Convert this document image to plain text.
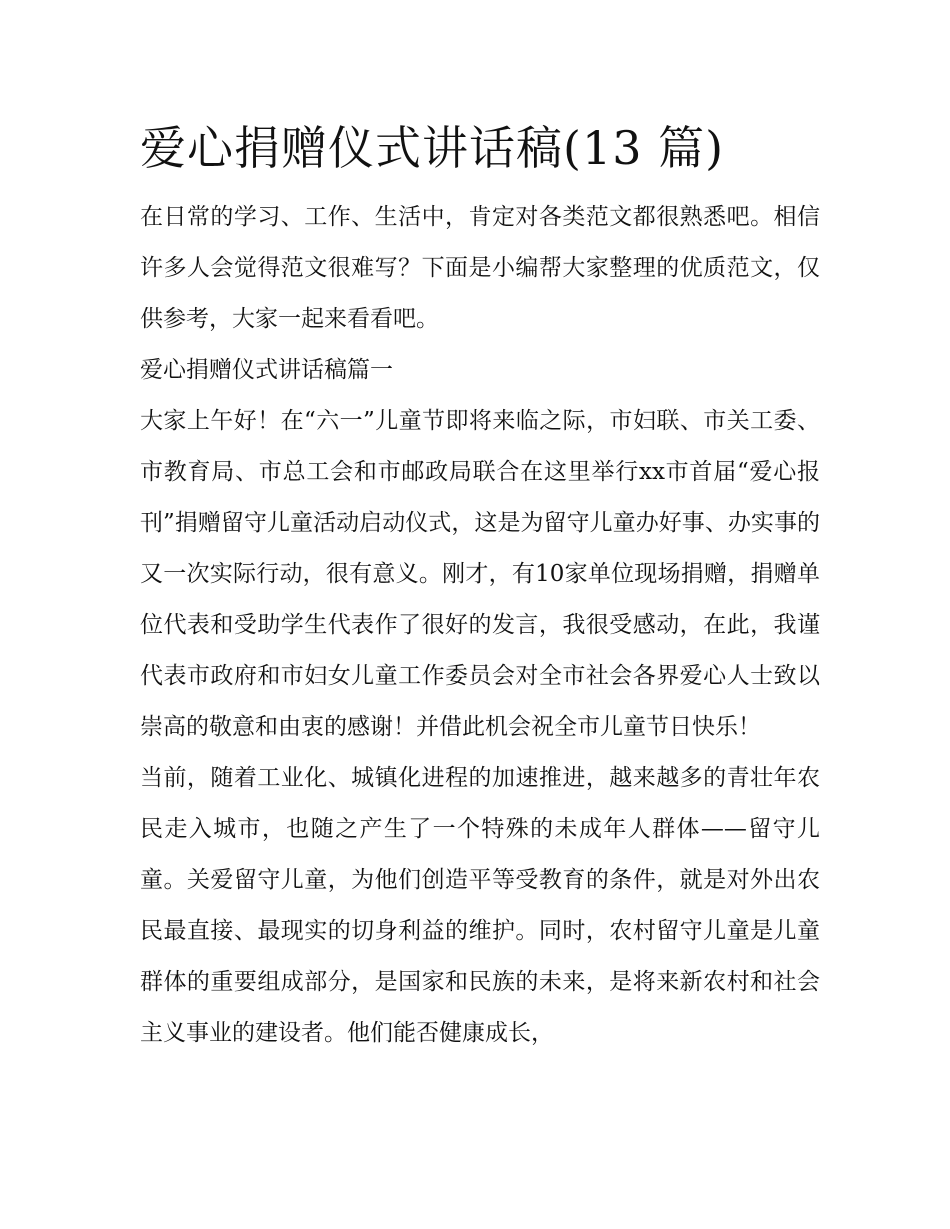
爱心捐赠仪式讲话稿(13 篇)

在日常的学习、工作、生活中，肯定对各类范文都很熟悉吧。相信许多人会觉得范文很难写？下面是小编帮大家整理的优质范文，仅供参考，大家一起来看看吧。

爱心捐赠仪式讲话稿篇一

大家上午好！在“六一”儿童节即将来临之际，市妇联、市关工委、市教育局、市总工会和市邮政局联合在这里举行xx市首届“爱心报刊”捐赠留守儿童活动启动仪式，这是为留守儿童办好事、办实事的又一次实际行动，很有意义。刚才，有10家单位现场捐赠，捐赠单位代表和受助学生代表作了很好的发言，我很受感动，在此，我谨代表市政府和市妇女儿童工作委员会对全市社会各界爱心人士致以崇高的敬意和由衷的感谢！并借此机会祝全市儿童节日快乐！

当前，随着工业化、城镇化进程的加速推进，越来越多的青壮年农民走入城市，也随之产生了一个特殊的未成年人群体——留守儿童。关爱留守儿童，为他们创造平等受教育的条件，就是对外出农民最直接、最现实的切身利益的维护。同时，农村留守儿童是儿童群体的重要组成部分，是国家和民族的未来，是将来新农村和社会主义事业的建设者。他们能否健康成长，
